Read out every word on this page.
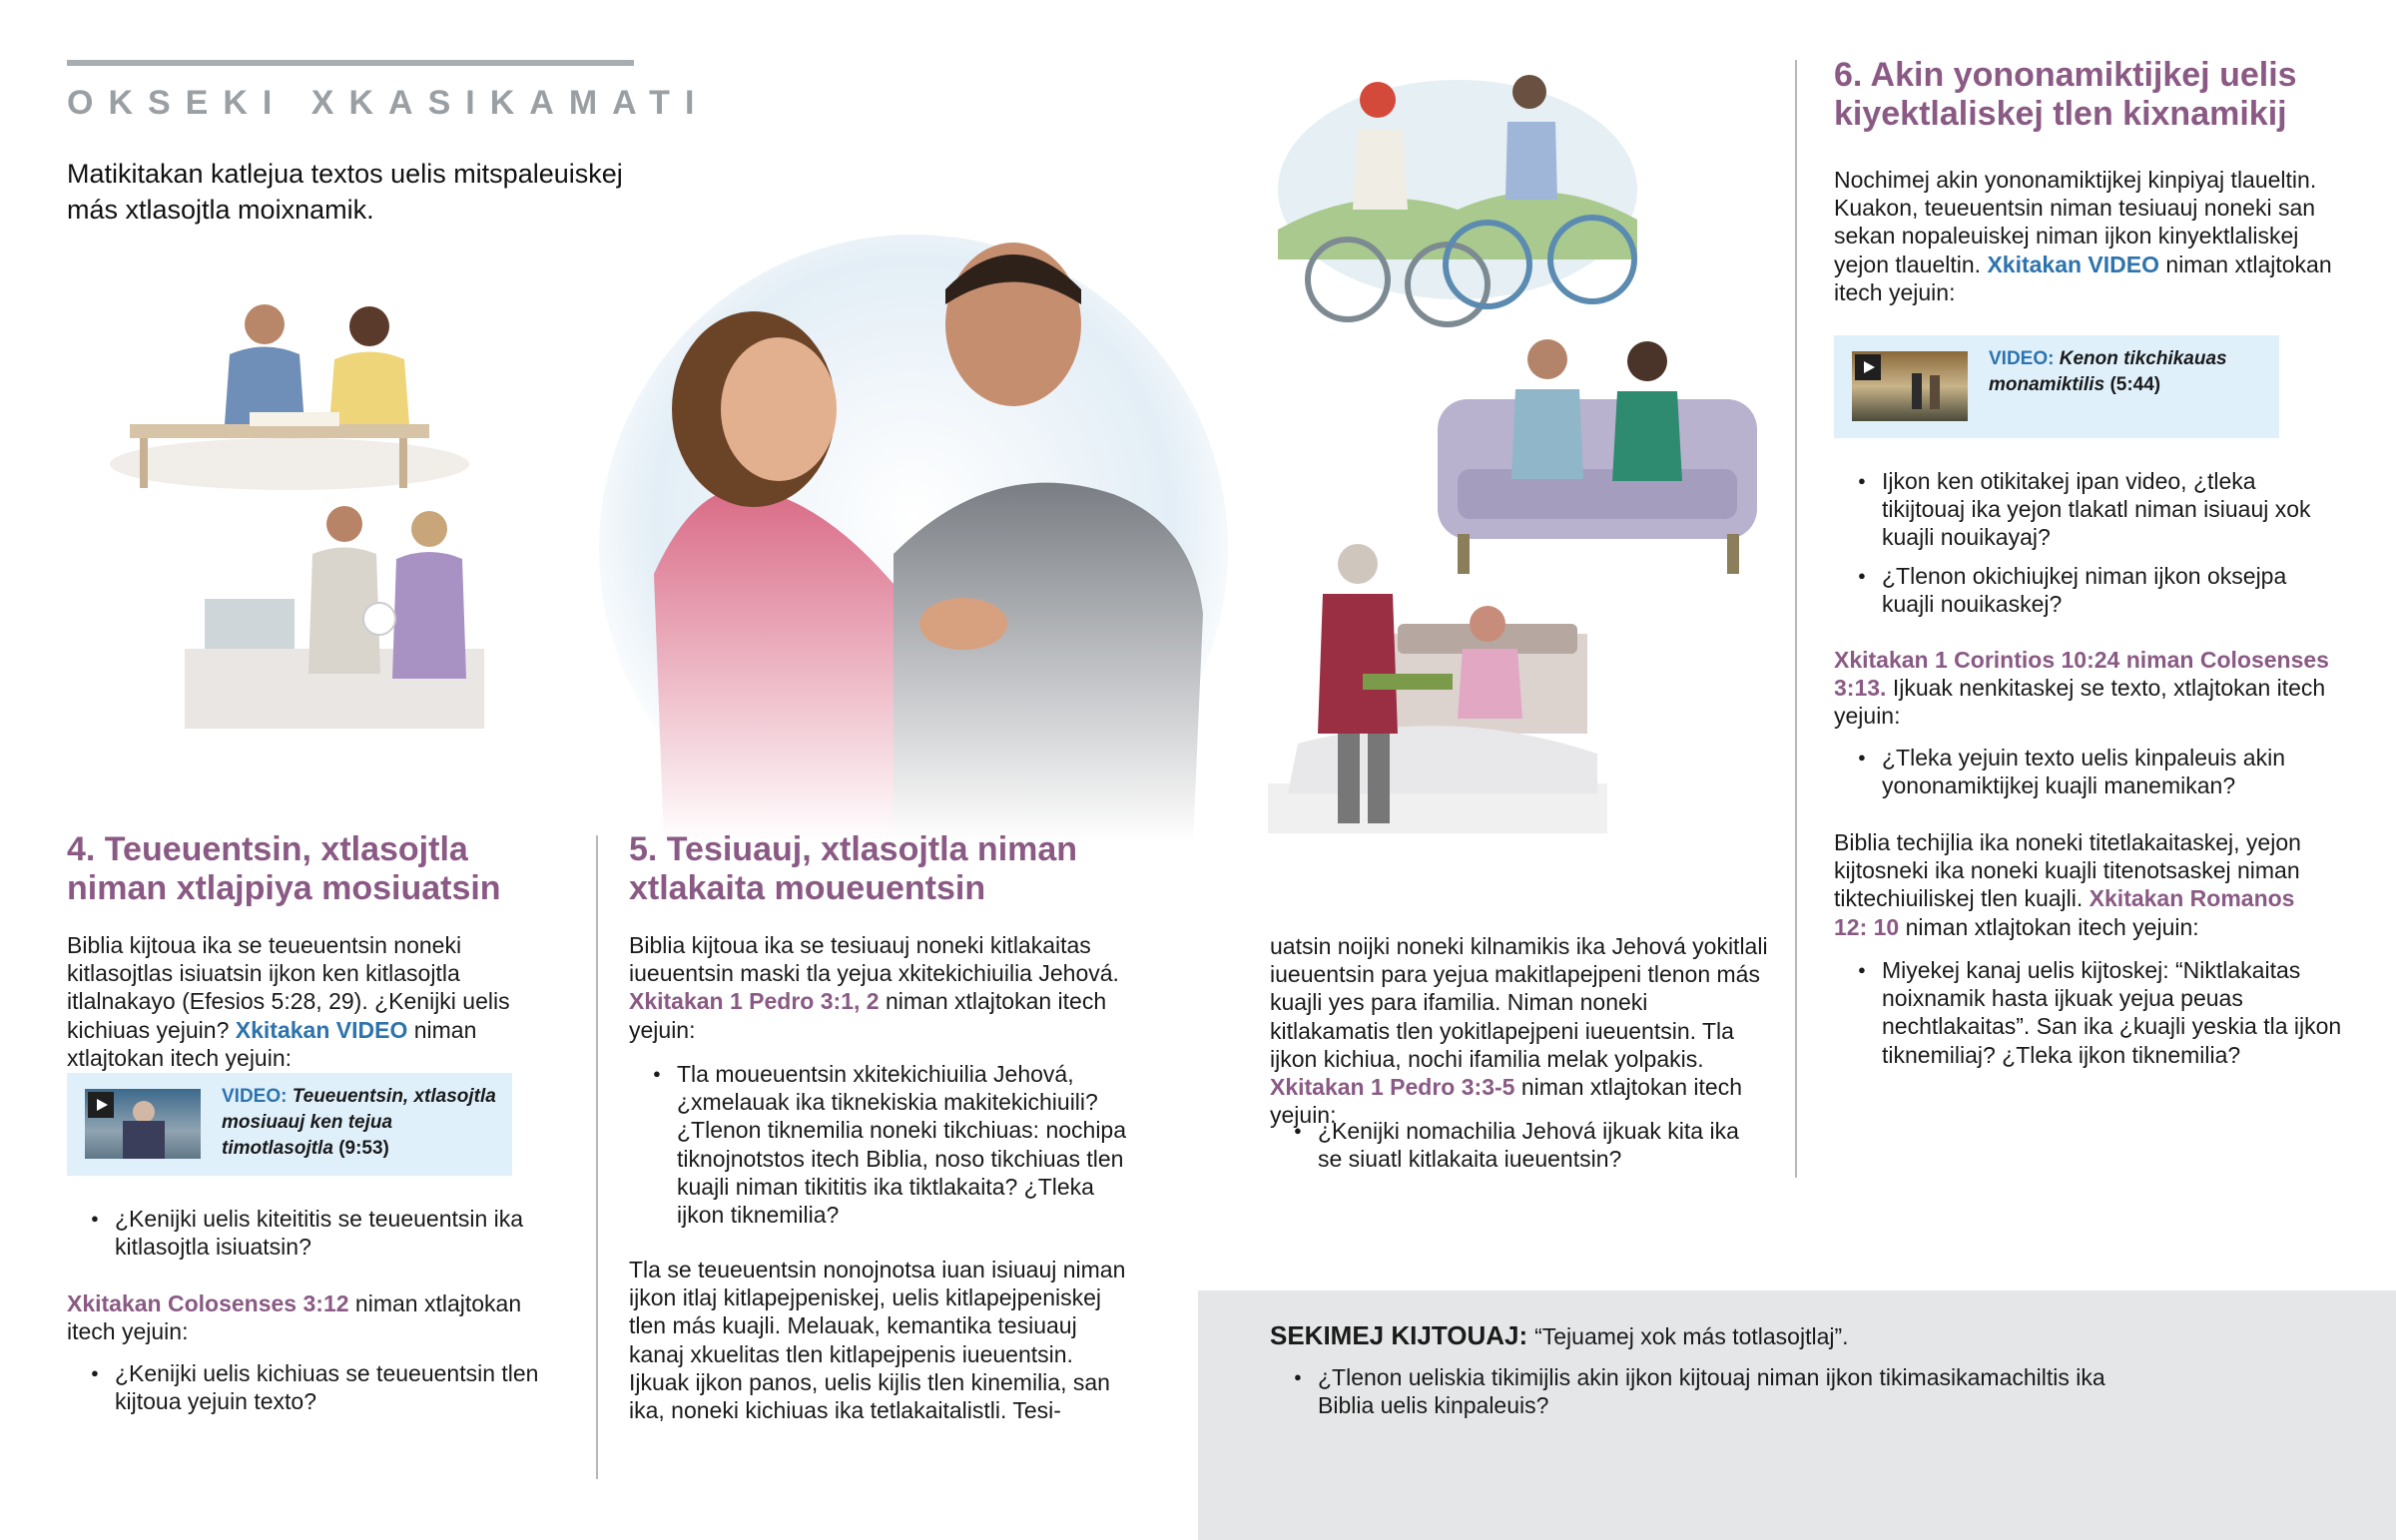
OKSEKI XKASIKAMATI
Matikitakan katlejua textos uelis mitspaleuiskej más xtlasojtla moixnamik.
4. Teueuentsin, xtlasojtla niman xtlajpiya mosiuatsin
Biblia kijtoua ika se teueuentsin noneki kitlasojtlas isiuatsin ijkon ken kitlasojtla itlalnakayo (Efesios 5:28, 29). ¿Kenijki uelis kichiuas yejuin? Xkitakan VIDEO niman xtlajtokan itech yejuin:
VIDEO: Teueuentsin, xtlasojtla mosiuauj ken tejua timotlasojtla (9:53)
● ¿Kenijki uelis kiteititis se teueuentsin ika kitlasojtla isiuatsin?
Xkitakan Colosenses 3:12 niman xtlajtokan itech yejuin:
● ¿Kenijki uelis kichiuas se teueuentsin tlen kijtoua yejuin texto?
5. Tesiuauj, xtlasojtla niman xtlakaita moueuentsin
Biblia kijtoua ika se tesiuauj noneki kitlakaitas iueuentsin maski tla yejua xkitekichiuilia Jehová. Xkitakan 1 Pedro 3:1, 2 niman xtlajtokan itech yejuin:
● Tla moueuentsin xkitekichiuilia Jehová, ¿xmelauak ika tiknekiskia makitekichiuili? ¿Tlenon tiknemilia noneki tikchiuas: nochipa tiknojnotstos itech Biblia, noso tikchiuas tlen kuajli niman tikititis ika tiktlakaita? ¿Tleka ijkon tiknemilia?
Tla se teueuentsin nonojnotsa iuan isiuauj niman ijkon itlaj kitlapejpeniskej, uelis kitlapejpeniskej tlen más kuajli. Melauak, kemantika tesiuauj kanaj xkuelitas tlen kitlapejpenis iueuentsin. Ijkuak ijkon panos, uelis kijlis tlen kinemilia, san ika, noneki kichiuas ika tetlakaitalistli. Tesi-
uatsin noijki noneki kilnamikis ika Jehová yokitlali iueuentsin para yejua makitlapejpeni tlenon más kuajli yes para ifamilia. Niman noneki kitlakamatis tlen yokitlapejpeni iueuentsin. Tla ijkon kichiua, nochi ifamilia melak yolpakis. Xkitakan 1 Pedro 3:3-5 niman xtlajtokan itech yejuin:
● ¿Kenijki nomachilia Jehová ijkuak kita ika se siuatl kitlakaita iueuentsin?
6. Akin yononamiktijkej uelis kiyektlaliskej tlen kixnamikij
Nochimej akin yononamiktijkej kinpiyaj tlaueltin. Kuakon, teueuentsin niman tesiuauj noneki san sekan nopaleuiskej niman ijkon kinyektlaliskej yejon tlaueltin. Xkitakan VIDEO niman xtlajtokan itech yejuin:
VIDEO: Kenon tikchikauas monamiktilis (5:44)
● Ijkon ken otikitakej ipan video, ¿tleka tikijtouaj ika yejon tlakatl niman isiuauj xok kuajli nouikayaj?
● ¿Tlenon okichiujkej niman ijkon oksejpa kuajli nouikaskej?
Xkitakan 1 Corintios 10:24 niman Colosenses 3:13. Ijkuak nenkitaskej se texto, xtlajtokan itech yejuin:
● ¿Tleka yejuin texto uelis kinpaleuis akin yononamiktijkej kuajli manemikan?
Biblia techijlia ika noneki titetlakaitaskej, yejon kijtosneki ika noneki kuajli titenotsaskej niman tiktechiuiliskej tlen kuajli. Xkitakan Romanos 12: 10 niman xtlajtokan itech yejuin:
● Miyekej kanaj uelis kijtoskej: “Niktlakaitas noixnamik hasta ijkuak yejua peuas nechtlakaitas”. San ika ¿kuajli yeskia tla ijkon tiknemiliaj? ¿Tleka ijkon tiknemilia?
SEKIMEJ KIJTOUAJ: “Tejuamej xok más totlasojtlaj”.
● ¿Tlenon ueliskia tikimijlis akin ijkon kijtouaj niman ijkon tikimasikamachiltis ika Biblia uelis kinpaleuis?
